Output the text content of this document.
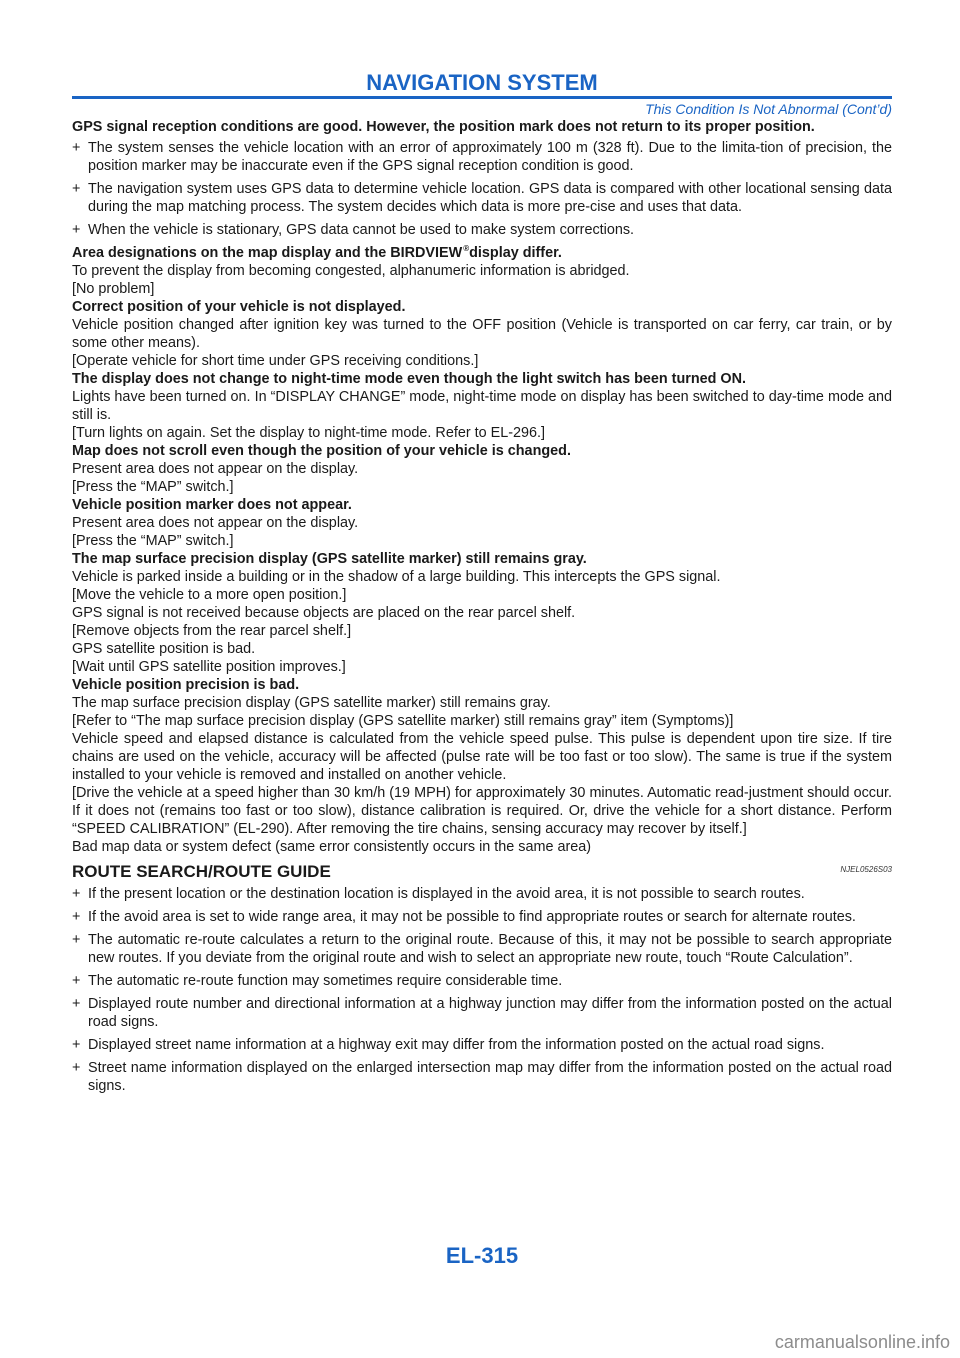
NAVIGATION SYSTEM
This Condition Is Not Abnormal (Cont’d)

GPS signal reception conditions are good. However, the position mark does not return to its proper position.

+ The system senses the vehicle location with an error of approximately 100 m (328 ft). Due to the limita-tion of precision, the position marker may be inaccurate even if the GPS signal reception condition is good.

+ The navigation system uses GPS data to determine vehicle location. GPS data is compared with other locational sensing data during the map matching process. The system decides which data is more pre-cise and uses that data.

+ When the vehicle is stationary, GPS data cannot be used to make system corrections.

Area designations on the map display and the BIRDVIEW®display differ.

To prevent the display from becoming congested, alphanumeric information is abridged.

[No problem]

Correct position of your vehicle is not displayed.

Vehicle position changed after ignition key was turned to the OFF position (Vehicle is transported on car ferry, car train, or by some other means).

[Operate vehicle for short time under GPS receiving conditions.]

The display does not change to night-time mode even though the light switch has been turned ON.

Lights have been turned on. In “DISPLAY CHANGE” mode, night-time mode on display has been switched to day-time mode and still is.

[Turn lights on again. Set the display to night-time mode. Refer to EL-296.]

Map does not scroll even though the position of your vehicle is changed.

Present area does not appear on the display.

[Press the “MAP” switch.]

Vehicle position marker does not appear.

Present area does not appear on the display.

[Press the “MAP” switch.]

The map surface precision display (GPS satellite marker) still remains gray.

Vehicle is parked inside a building or in the shadow of a large building. This intercepts the GPS signal.

[Move the vehicle to a more open position.]

GPS signal is not received because objects are placed on the rear parcel shelf.

[Remove objects from the rear parcel shelf.]

GPS satellite position is bad.

[Wait until GPS satellite position improves.]

Vehicle position precision is bad.

The map surface precision display (GPS satellite marker) still remains gray.

[Refer to “The map surface precision display (GPS satellite marker) still remains gray” item (Symptoms)]

Vehicle speed and elapsed distance is calculated from the vehicle speed pulse. This pulse is dependent upon tire size. If tire chains are used on the vehicle, accuracy will be affected (pulse rate will be too fast or too slow). The same is true if the system installed to your vehicle is removed and installed on another vehicle.

[Drive the vehicle at a speed higher than 30 km/h (19 MPH) for approximately 30 minutes. Automatic read-justment should occur. If it does not (remains too fast or too slow), distance calibration is required. Or, drive the vehicle for a short distance. Perform “SPEED CALIBRATION” (EL-290). After removing the tire chains, sensing accuracy may recover by itself.]

Bad map data or system defect (same error consistently occurs in the same area)

ROUTE SEARCH/ROUTE GUIDE	NJEL0526S03

+ If the present location or the destination location is displayed in the avoid area, it is not possible to search routes.

+ If the avoid area is set to wide range area, it may not be possible to find appropriate routes or search for alternate routes.

+ The automatic re-route calculates a return to the original route. Because of this, it may not be possible to search appropriate new routes. If you deviate from the original route and wish to select an appropriate new route, touch “Route Calculation”.

+ The automatic re-route function may sometimes require considerable time.

+ Displayed route number and directional information at a highway junction may differ from the information posted on the actual road signs.

+ Displayed street name information at a highway exit may differ from the information posted on the actual road signs.

+ Street name information displayed on the enlarged intersection map may differ from the information posted on the actual road signs.

EL-315
carmanualsonline.info
